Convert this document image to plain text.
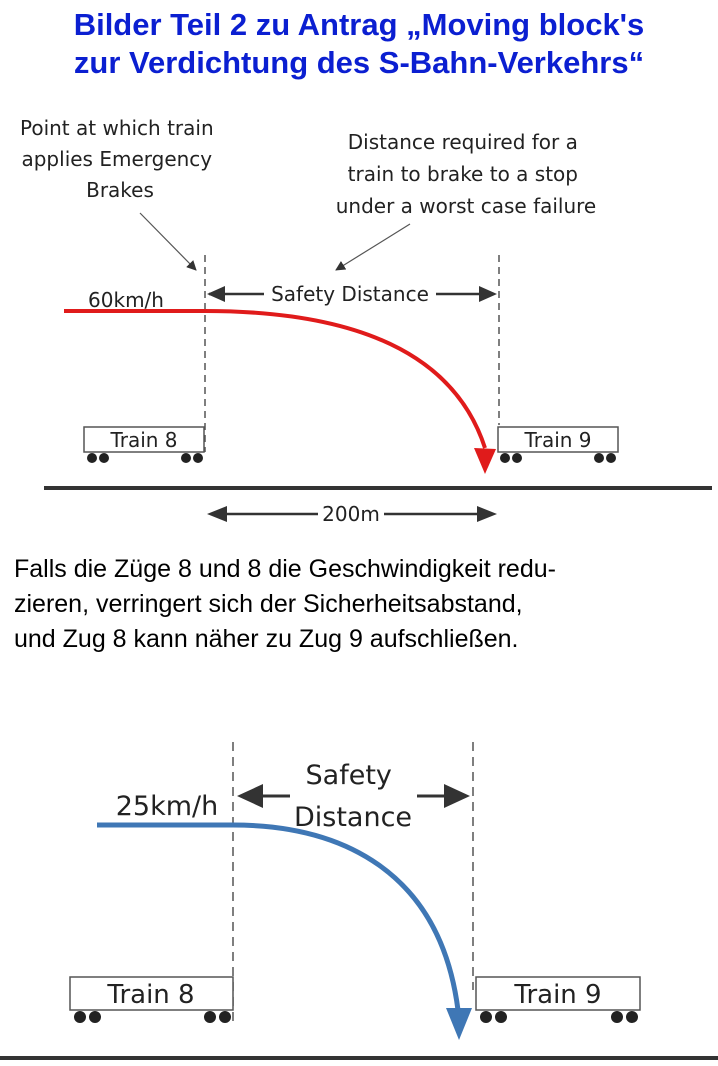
Bilder Teil 2 zu Antrag „Moving block's
zur Verdichtung des S-Bahn-Verkehrs“
Point at which train applies Emergency Brakes
Distance required for a train to brake to a stop under a worst case failure
Safety Distance
60km/h
Train 8	Train 9
200m
Safety Distance
25km/h
Train 8	Train 9
Falls die Züge 8 und 8 die Geschwindigkeit redu-
zieren, verringert sich der Sicherheitsabstand,
und Zug 8 kann näher zu Zug 9 aufschließen.
